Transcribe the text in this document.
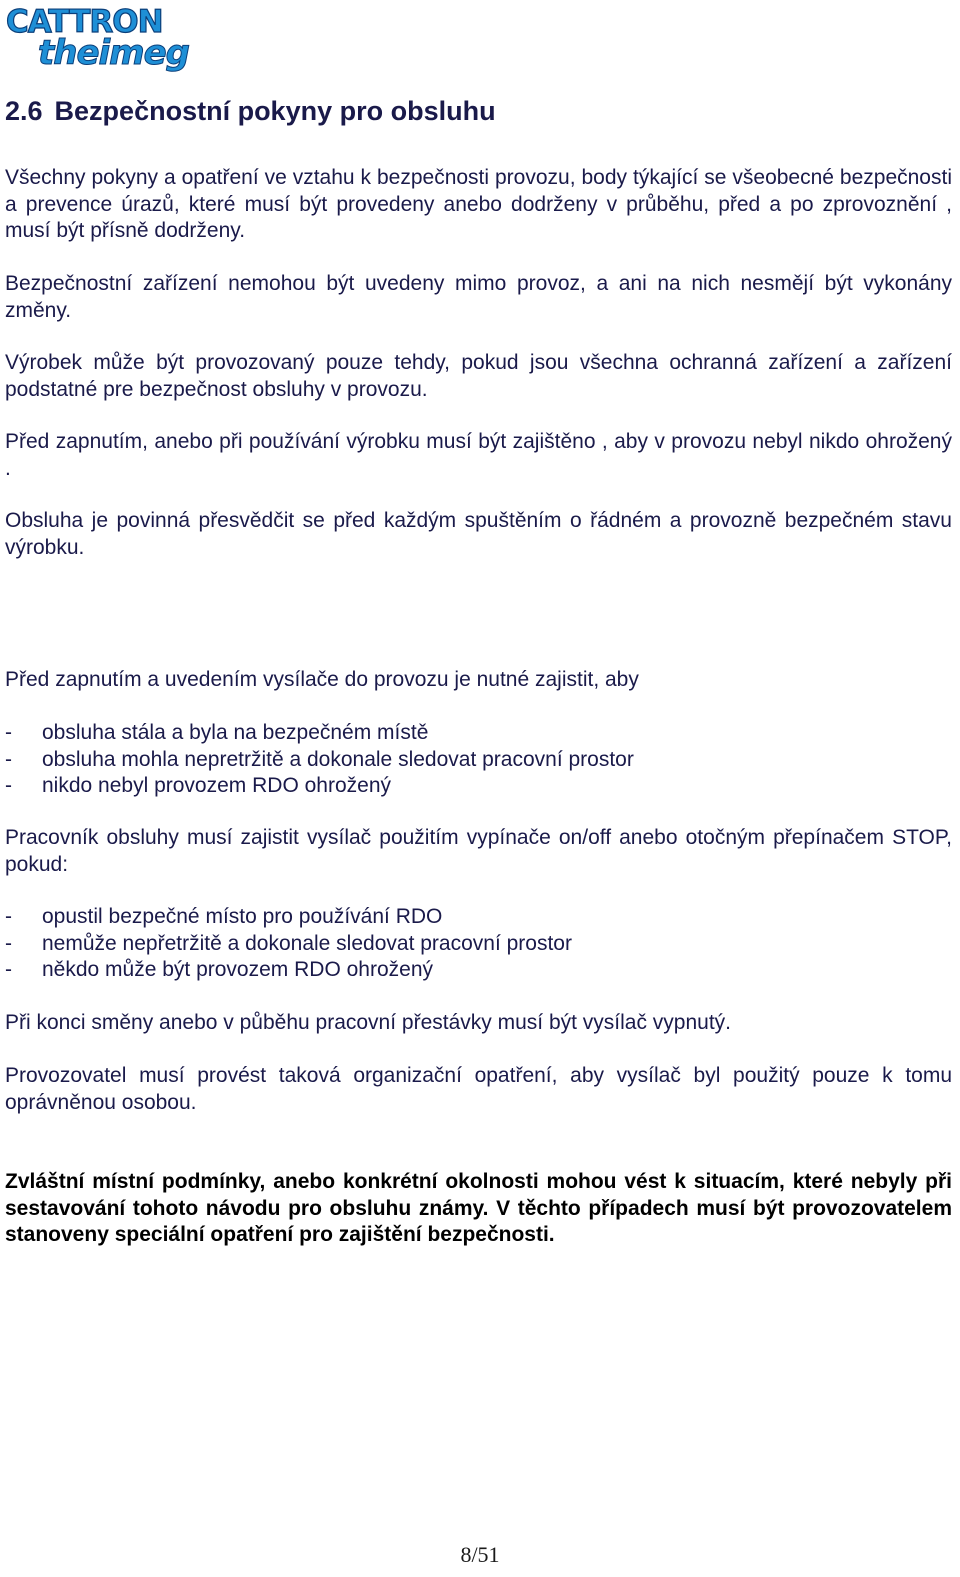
CATTRON
theimeg
2.6 Bezpečnostní pokyny pro obsluhu

Všechny pokyny a opatření ve vztahu k bezpečnosti provozu, body týkající se všeobecné bezpečnosti a prevence úrazů, které musí být provedeny anebo dodrženy v průběhu, před a po zprovoznění , musí být přísně dodrženy.

Bezpečnostní zařízení nemohou být uvedeny mimo provoz, a ani na nich nesmějí být vykonány změny.

Výrobek může být provozovaný pouze tehdy, pokud jsou všechna ochranná zařízení a zařízení podstatné pre bezpečnost obsluhy v provozu.

Před zapnutím, anebo při používání výrobku musí být zajištěno , aby v provozu nebyl nikdo ohrožený .

Obsluha je povinná přesvědčit se před každým spuštěním o řádném a provozně bezpečném stavu výrobku.

Před zapnutím a uvedením vysílače do provozu je nutné zajistit, aby

- obsluha stála a byla na bezpečném místě
- obsluha mohla nepretržitě a dokonale sledovat pracovní prostor
- nikdo nebyl provozem RDO ohrožený

Pracovník obsluhy musí zajistit vysílač použitím vypínače on/off anebo otočným přepínačem STOP, pokud:

- opustil bezpečné místo pro používání RDO
- nemůže nepřetržitě a dokonale sledovat pracovní prostor
- někdo může být provozem RDO ohrožený

Při konci směny anebo v půběhu pracovní přestávky musí být vysílač vypnutý.

Provozovatel musí provést taková organizační opatření, aby vysílač byl použitý pouze k tomu oprávněnou osobou.

Zvláštní místní podmínky, anebo konkrétní okolnosti mohou vést k situacím, které nebyly při sestavování tohoto návodu pro obsluhu známy. V těchto případech musí být provozovatelem stanoveny speciální opatření pro zajištění bezpečnosti.

8/51
